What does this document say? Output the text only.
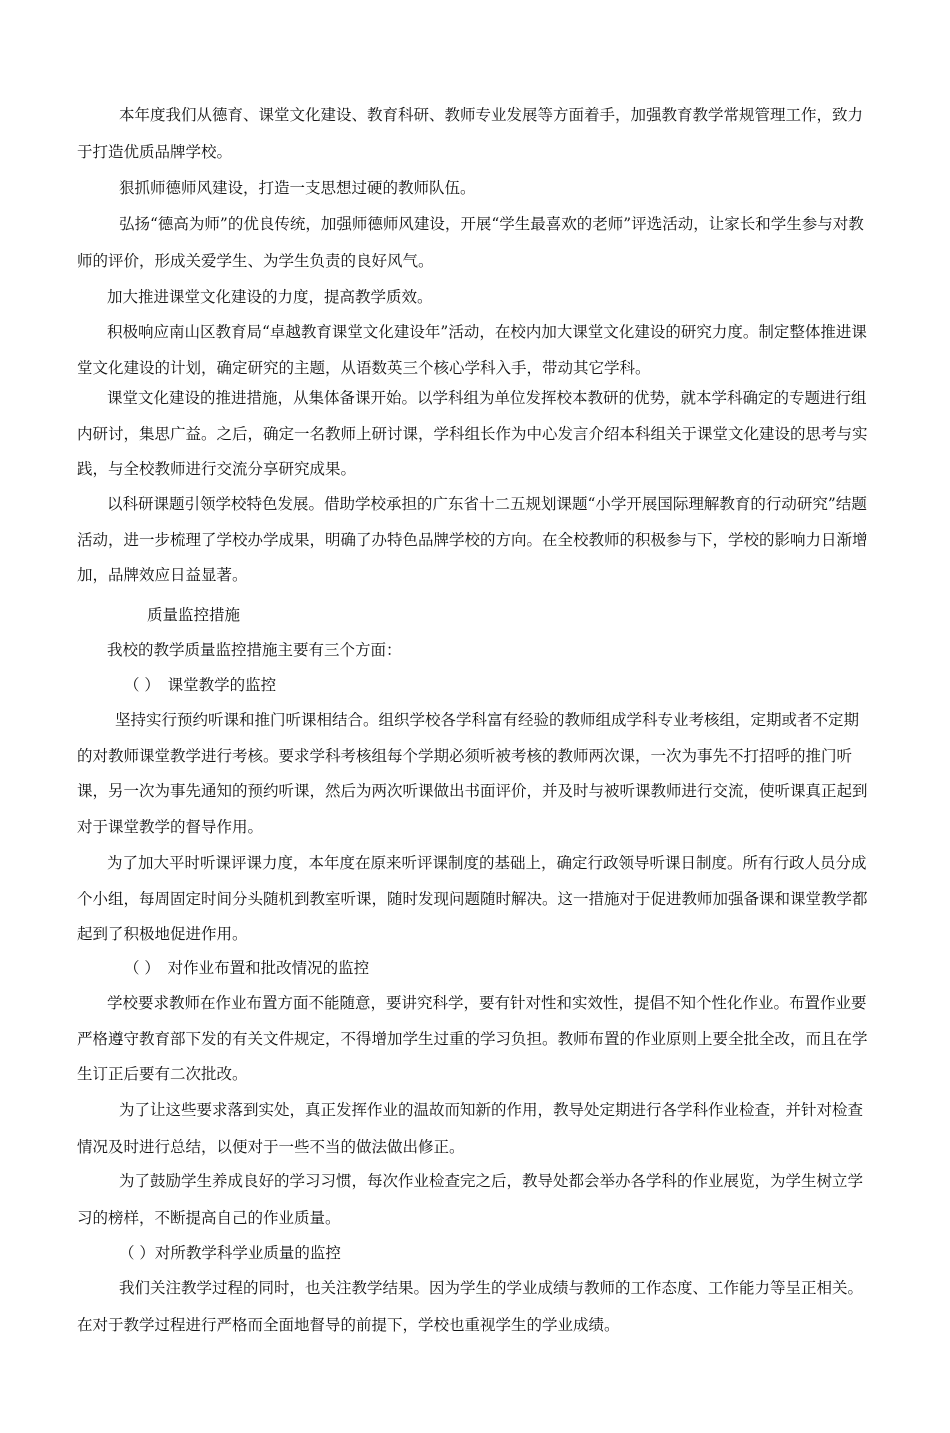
本年度我们从德育、课堂文化建设、教育科研、教师专业发展等方面着手，加强教育教学常规管理工作，致力于打造优质品牌学校。

狠抓师德师风建设，打造一支思想过硬的教师队伍。

弘扬“德高为师”的优良传统，加强师德师风建设，开展“学生最喜欢的老师”评选活动，让家长和学生参与对教师的评价，形成关爱学生、为学生负责的良好风气。

加大推进课堂文化建设的力度，提高教学质效。

积极响应南山区教育局“卓越教育课堂文化建设年”活动，在校内加大课堂文化建设的研究力度。制定整体推进课堂文化建设的计划，确定研究的主题，从语数英三个核心学科入手，带动其它学科。

课堂文化建设的推进措施，从集体备课开始。以学科组为单位发挥校本教研的优势，就本学科确定的专题进行组内研讨，集思广益。之后，确定一名教师上研讨课，学科组长作为中心发言介绍本科组关于课堂文化建设的思考与实践，与全校教师进行交流分享研究成果。

以科研课题引领学校特色发展。借助学校承担的广东省十二五规划课题“小学开展国际理解教育的行动研究”结题活动，进一步梳理了学校办学成果，明确了办特色品牌学校的方向。在全校教师的积极参与下，学校的影响力日渐增加，品牌效应日益显著。

质量监控措施

我校的教学质量监控措施主要有三个方面：

（ ）　课堂教学的监控

坚持实行预约听课和推门听课相结合。组织学校各学科富有经验的教师组成学科专业考核组，定期或者不定期的对教师课堂教学进行考核。要求学科考核组每个学期必须听被考核的教师两次课，一次为事先不打招呼的推门听课，另一次为事先通知的预约听课，然后为两次听课做出书面评价，并及时与被听课教师进行交流，使听课真正起到对于课堂教学的督导作用。

为了加大平时听课评课力度，本年度在原来听评课制度的基础上，确定行政领导听课日制度。所有行政人员分成　个小组，每周固定时间分头随机到教室听课，随时发现问题随时解决。这一措施对于促进教师加强备课和课堂教学都起到了积极地促进作用。

（ ）　对作业布置和批改情况的监控

学校要求教师在作业布置方面不能随意，要讲究科学，要有针对性和实效性，提倡不知个性化作业。布置作业要严格遵守教育部下发的有关文件规定，不得增加学生过重的学习负担。教师布置的作业原则上要全批全改，而且在学生订正后要有二次批改。

为了让这些要求落到实处，真正发挥作业的温故而知新的作用，教导处定期进行各学科作业检查，并针对检查情况及时进行总结，以便对于一些不当的做法做出修正。

为了鼓励学生养成良好的学习习惯，每次作业检查完之后，教导处都会举办各学科的作业展览，为学生树立学习的榜样，不断提高自己的作业质量。

（ ）对所教学科学业质量的监控

我们关注教学过程的同时，也关注教学结果。因为学生的学业成绩与教师的工作态度、工作能力等呈正相关。在对于教学过程进行严格而全面地督导的前提下，学校也重视学生的学业成绩。
